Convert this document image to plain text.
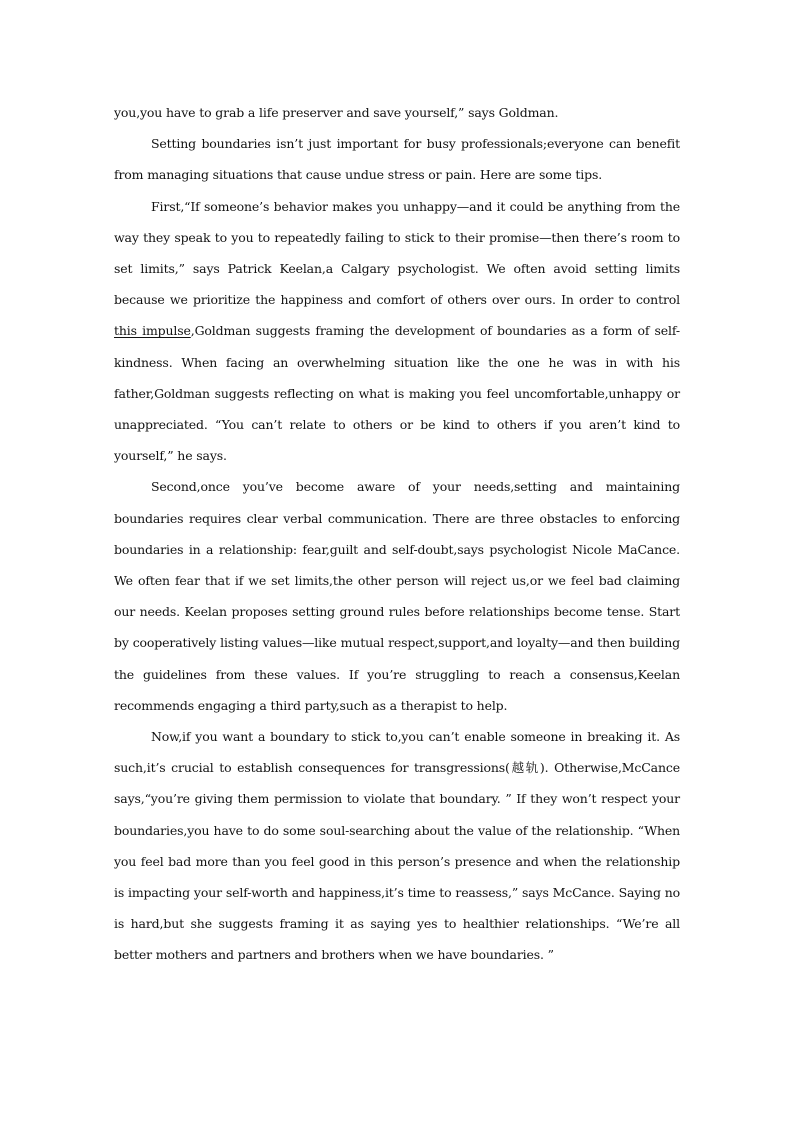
you,you have to grab a life preserver and save yourself,” says Goldman.

Setting boundaries isn’t just important for busy professionals;everyone can benefit from managing situations that cause undue stress or pain. Here are some tips.

First,“If someone’s behavior makes you unhappy—and it could be anything from the way they speak to you to repeatedly failing to stick to their promise—then there’s room to set limits,” says Patrick Keelan,a Calgary psychologist. We often avoid setting limits because we prioritize the happiness and comfort of others over ours. In order to control this impulse,Goldman suggests framing the development of boundaries as a form of self-kindness. When facing an overwhelming situation like the one he was in with his father,Goldman suggests reflecting on what is making you feel uncomfortable,unhappy or unappreciated. “You can’t relate to others or be kind to others if you aren’t kind to yourself,” he says.

Second,once you’ve become aware of your needs,setting and maintaining boundaries requires clear verbal communication. There are three obstacles to enforcing boundaries in a relationship: fear,guilt and self-doubt,says psychologist Nicole MaCance. We often fear that if we set limits,the other person will reject us,or we feel bad claiming our needs. Keelan proposes setting ground rules before relationships become tense. Start by cooperatively listing values—like mutual respect,support,and loyalty—and then building the guidelines from these values. If you’re struggling to reach a consensus,Keelan recommends engaging a third party,such as a therapist to help.

Now,if you want a boundary to stick to,you can’t enable someone in breaking it. As such,it’s crucial to establish consequences for transgressions(越轨). Otherwise,McCance says,“you’re giving them permission to violate that boundary. ” If they won’t respect your boundaries,you have to do some soul-searching about the value of the relationship. “When you feel bad more than you feel good in this person’s presence and when the relationship is impacting your self-worth and happiness,it’s time to reassess,” says McCance. Saying no is hard,but she suggests framing it as saying yes to healthier relationships. “We’re all better mothers and partners and brothers when we have boundaries. ”
